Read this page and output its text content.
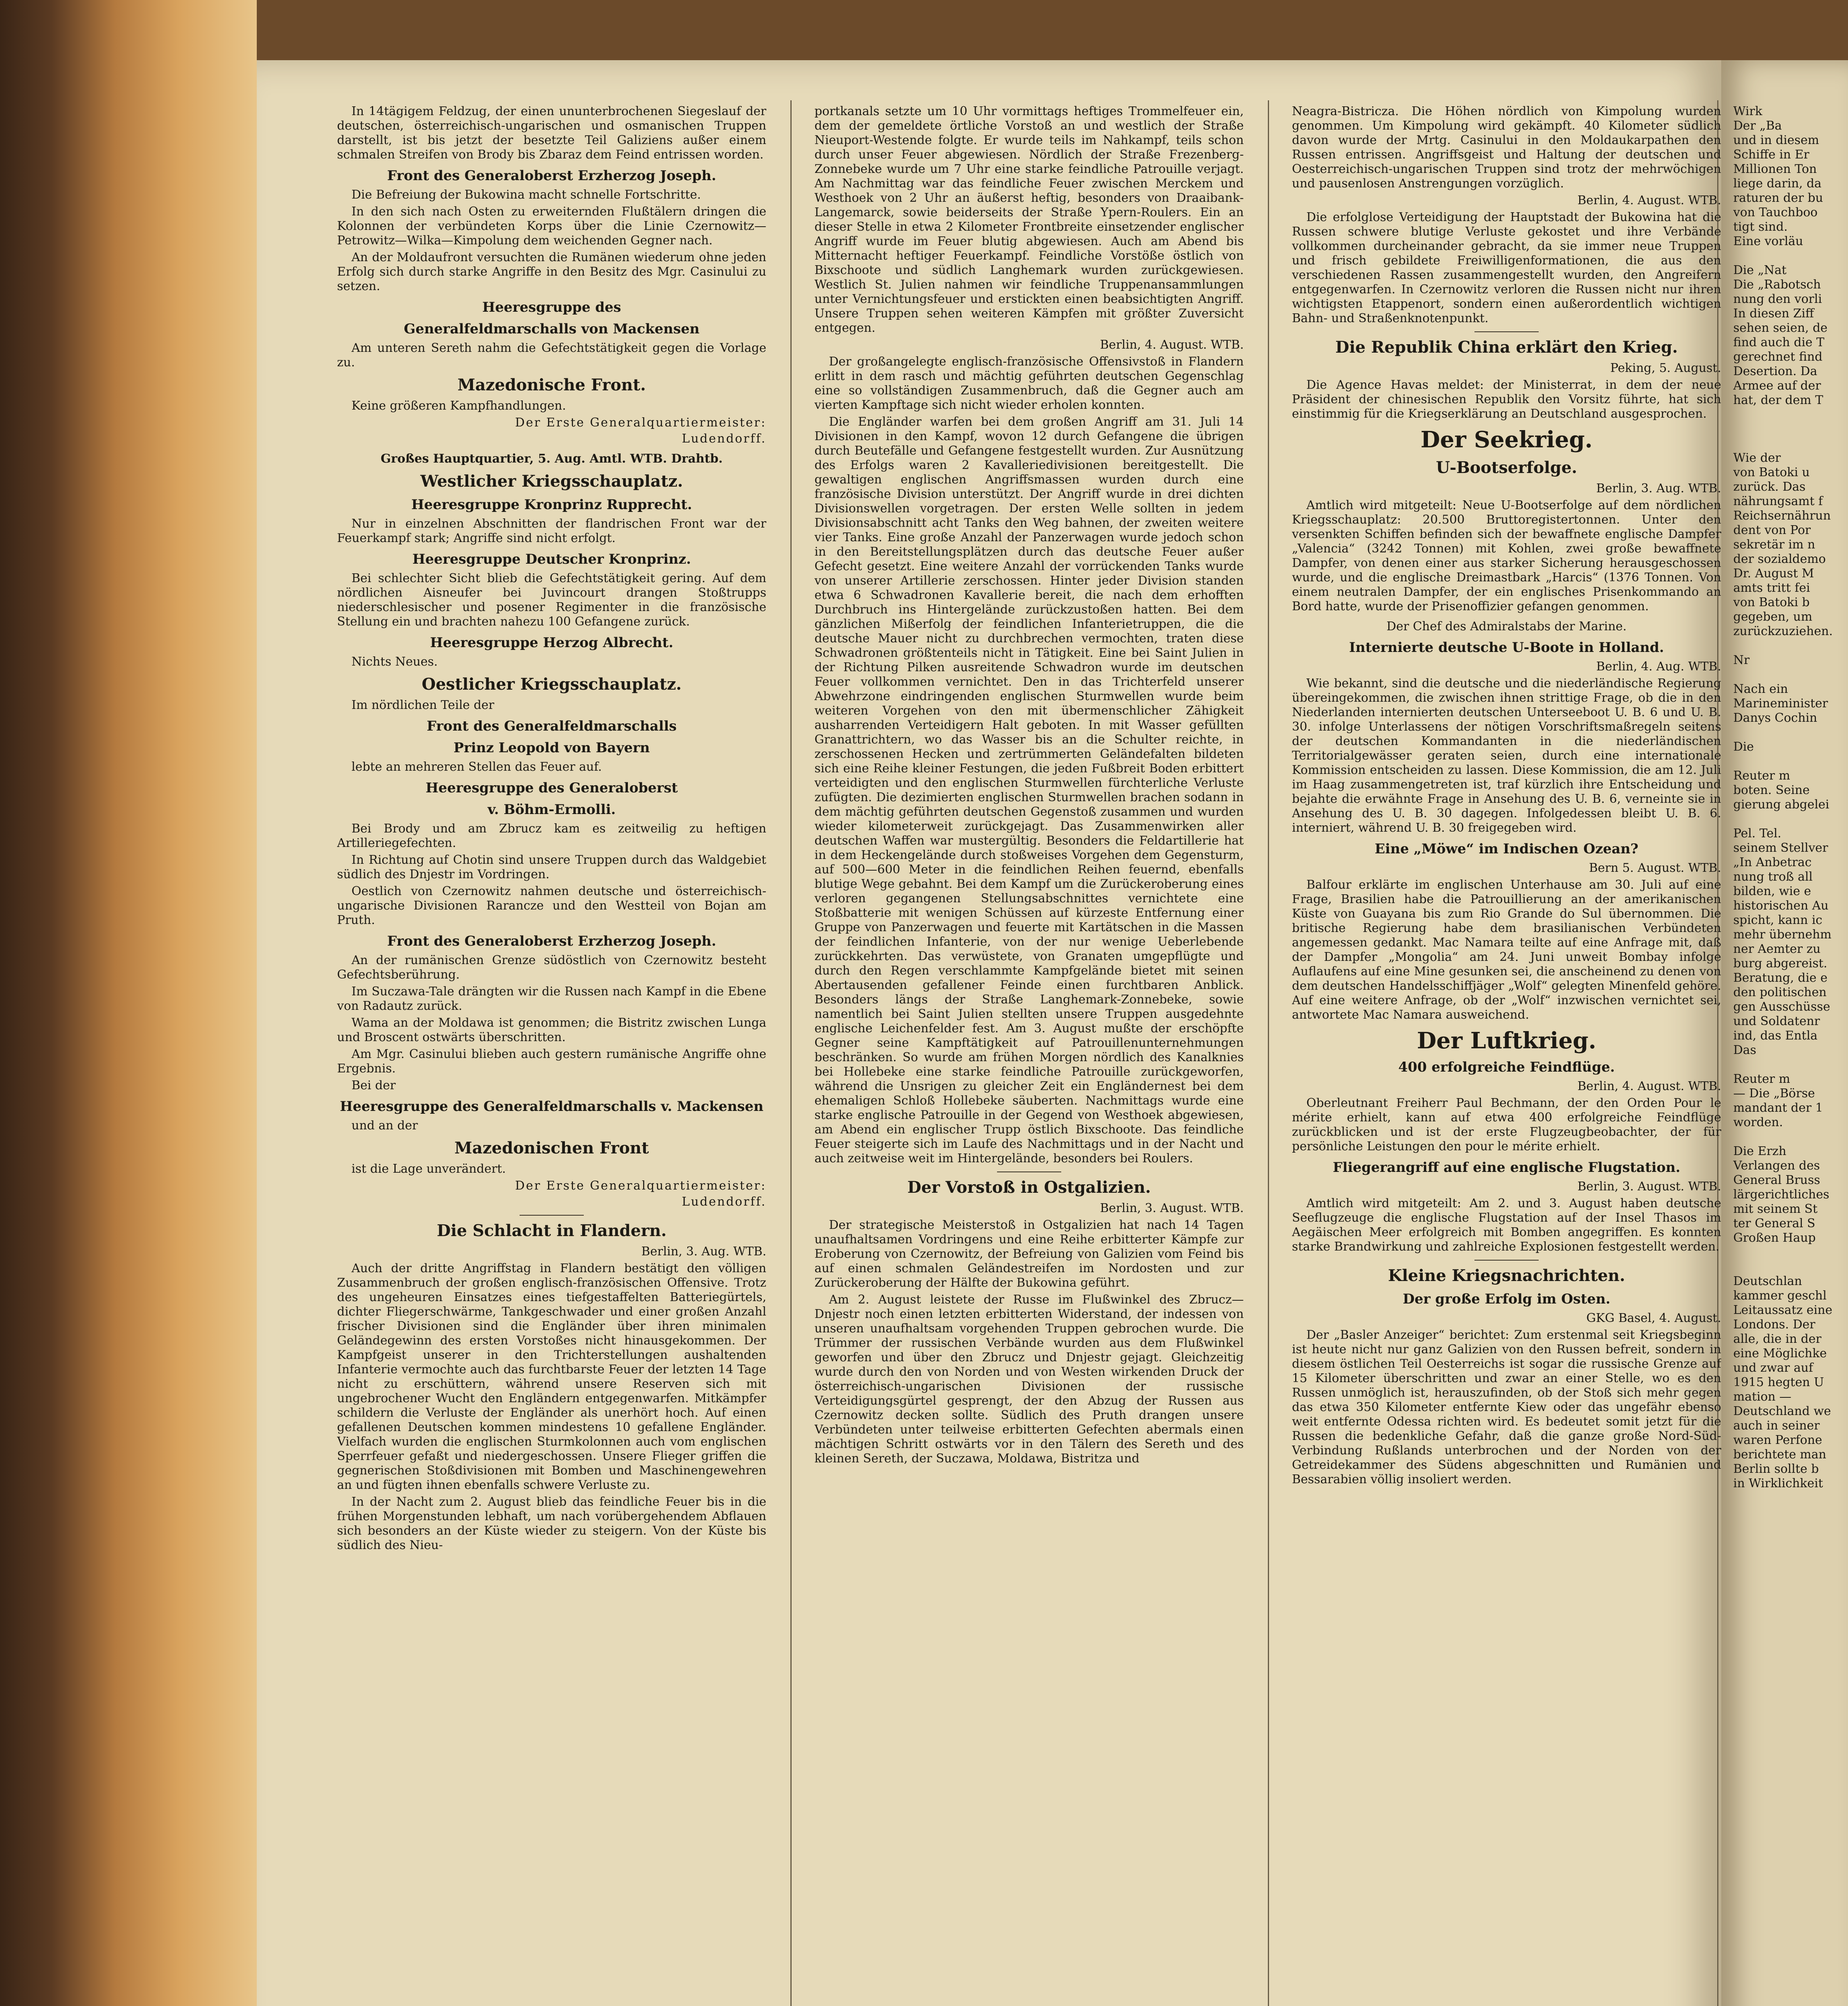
In 14tägigem Feldzug, der einen ununterbrochenen Siegeslauf der deutschen, österreichisch-ungarischen und osmanischen Truppen darstellt, ist bis jetzt der besetzte Teil Galiziens außer einem schmalen Streifen von Brody bis Zbaraz dem Feind entrissen worden.

Front des Generaloberst Erzherzog Joseph.

Die Befreiung der Bukowina macht schnelle Fortschritte.

In den sich nach Osten zu erweiternden Flußtälern dringen die Kolonnen der verbündeten Korps über die Linie Czernowitz—Petrowitz—Wilka—Kimpolung dem weichenden Gegner nach.

An der Moldaufront versuchten die Rumänen wiederum ohne jeden Erfolg sich durch starke Angriffe in den Besitz des Mgr. Casinului zu setzen.

Heeresgruppe des
Generalfeldmarschalls von Mackensen

Am unteren Sereth nahm die Gefechtstätigkeit gegen die Vorlage zu.

Mazedonische Front.

Keine größeren Kampfhandlungen.

Der Erste Generalquartiermeister:
Ludendorff.
Großes Hauptquartier, 5. Aug. Amtl. WTB. Drahtb.
Westlicher Kriegsschauplatz.
Heeresgruppe Kronprinz Rupprecht.

Nur in einzelnen Abschnitten der flandrischen Front war der Feuerkampf stark; Angriffe sind nicht erfolgt.

Heeresgruppe Deutscher Kronprinz.

Bei schlechter Sicht blieb die Gefechtstätigkeit gering. Auf dem nördlichen Aisneufer bei Juvincourt drangen Stoßtrupps niederschlesischer und posener Regimenter in die französische Stellung ein und brachten nahezu 100 Gefangene zurück.

Heeresgruppe Herzog Albrecht.

Nichts Neues.

Oestlicher Kriegsschauplatz.

Im nördlichen Teile der

Front des Generalfeldmarschalls
Prinz Leopold von Bayern

lebte an mehreren Stellen das Feuer auf.

Heeresgruppe des Generaloberst
v. Böhm-Ermolli.

Bei Brody und am Zbrucz kam es zeitweilig zu heftigen Artilleriegefechten.

In Richtung auf Chotin sind unsere Truppen durch das Waldgebiet südlich des Dnjestr im Vordringen.

Oestlich von Czernowitz nahmen deutsche und österreichisch-ungarische Divisionen Rarancze und den Westteil von Bojan am Pruth.

Front des Generaloberst Erzherzog Joseph.

An der rumänischen Grenze südöstlich von Czernowitz besteht Gefechtsberührung.

Im Suczawa-Tale drängten wir die Russen nach Kampf in die Ebene von Radautz zurück.

Wama an der Moldawa ist genommen; die Bistritz zwischen Lunga und Broscent ostwärts überschritten.

Am Mgr. Casinului blieben auch gestern rumänische Angriffe ohne Ergebnis.

Bei der

Heeresgruppe des Generalfeldmarschalls v. Mackensen

und an der

Mazedonischen Front

ist die Lage unverändert.

Der Erste Generalquartiermeister:
Ludendorff.
Die Schlacht in Flandern.
Berlin, 3. Aug. WTB.

Auch der dritte Angriffstag in Flandern bestätigt den völligen Zusammenbruch der großen englisch-französischen Offensive. Trotz des ungeheuren Einsatzes eines tiefgestaffelten Batteriegürtels, dichter Fliegerschwärme, Tankgeschwader und einer großen Anzahl frischer Divisionen sind die Engländer über ihren minimalen Geländegewinn des ersten Vorstoßes nicht hinausgekommen. Der Kampfgeist unserer in den Trichterstellungen aushaltenden Infanterie vermochte auch das furchtbarste Feuer der letzten 14 Tage nicht zu erschüttern, während unsere Reserven sich mit ungebrochener Wucht den Engländern entgegenwarfen. Mitkämpfer schildern die Verluste der Engländer als unerhört hoch. Auf einen gefallenen Deutschen kommen mindestens 10 gefallene Engländer. Vielfach wurden die englischen Sturmkolonnen auch vom englischen Sperrfeuer gefaßt und niedergeschossen. Unsere Flieger griffen die gegnerischen Stoßdivisionen mit Bomben und Maschinengewehren an und fügten ihnen ebenfalls schwere Verluste zu.

In der Nacht zum 2. August blieb das feindliche Feuer bis in die frühen Morgenstunden lebhaft, um nach vorübergehendem Abflauen sich besonders an der Küste wieder zu steigern. Von der Küste bis südlich des Nieu-

portkanals setzte um 10 Uhr vormittags heftiges Trommelfeuer ein, dem der gemeldete örtliche Vorstoß an und westlich der Straße Nieuport-Westende folgte. Er wurde teils im Nahkampf, teils schon durch unser Feuer abgewiesen. Nördlich der Straße Frezenberg-Zonnebeke wurde um 7 Uhr eine starke feindliche Patrouille verjagt. Am Nachmittag war das feindliche Feuer zwischen Merckem und Westhoek von 2 Uhr an äußerst heftig, besonders von Draaibank-Langemarck, sowie beiderseits der Straße Ypern-Roulers. Ein an dieser Stelle in etwa 2 Kilometer Frontbreite einsetzender englischer Angriff wurde im Feuer blutig abgewiesen. Auch am Abend bis Mitternacht heftiger Feuerkampf. Feindliche Vorstöße östlich von Bixschoote und südlich Langhemark wurden zurückgewiesen. Westlich St. Julien nahmen wir feindliche Truppenansammlungen unter Vernichtungsfeuer und erstickten einen beabsichtigten Angriff. Unsere Truppen sehen weiteren Kämpfen mit größter Zuversicht entgegen.

Berlin, 4. August. WTB.

Der großangelegte englisch-französische Offensivstoß in Flandern erlitt in dem rasch und mächtig geführten deutschen Gegenschlag eine so vollständigen Zusammenbruch, daß die Gegner auch am vierten Kampftage sich nicht wieder erholen konnten.

Die Engländer warfen bei dem großen Angriff am 31. Juli 14 Divisionen in den Kampf, wovon 12 durch Gefangene die übrigen durch Beutefälle und Gefangene festgestellt wurden. Zur Ausnützung des Erfolgs waren 2 Kavalleriedivisionen bereitgestellt. Die gewaltigen englischen Angriffsmassen wurden durch eine französische Division unterstützt. Der Angriff wurde in drei dichten Divisionswellen vorgetragen. Der ersten Welle sollten in jedem Divisionsabschnitt acht Tanks den Weg bahnen, der zweiten weitere vier Tanks. Eine große Anzahl der Panzerwagen wurde jedoch schon in den Bereitstellungsplätzen durch das deutsche Feuer außer Gefecht gesetzt. Eine weitere Anzahl der vorrückenden Tanks wurde von unserer Artillerie zerschossen. Hinter jeder Division standen etwa 6 Schwadronen Kavallerie bereit, die nach dem erhofften Durchbruch ins Hintergelände zurückzustoßen hatten. Bei dem gänzlichen Mißerfolg der feindlichen Infanterietruppen, die die deutsche Mauer nicht zu durchbrechen vermochten, traten diese Schwadronen größtenteils nicht in Tätigkeit. Eine bei Saint Julien in der Richtung Pilken ausreitende Schwadron wurde im deutschen Feuer vollkommen vernichtet. Den in das Trichterfeld unserer Abwehrzone eindringenden englischen Sturmwellen wurde beim weiteren Vorgehen von den mit übermenschlicher Zähigkeit ausharrenden Verteidigern Halt geboten. In mit Wasser gefüllten Granattrichtern, wo das Wasser bis an die Schulter reichte, in zerschossenen Hecken und zertrümmerten Geländefalten bildeten sich eine Reihe kleiner Festungen, die jeden Fußbreit Boden erbittert verteidigten und den englischen Sturmwellen fürchterliche Verluste zufügten. Die dezimierten englischen Sturmwellen brachen sodann in dem mächtig geführten deutschen Gegenstoß zusammen und wurden wieder kilometerweit zurückgejagt. Das Zusammenwirken aller deutschen Waffen war mustergültig. Besonders die Feldartillerie hat in dem Heckengelände durch stoßweises Vorgehen dem Gegensturm, auf 500—600 Meter in die feindlichen Reihen feuernd, ebenfalls blutige Wege gebahnt. Bei dem Kampf um die Zurückeroberung eines verloren gegangenen Stellungsabschnittes vernichtete eine Stoßbatterie mit wenigen Schüssen auf kürzeste Entfernung einer Gruppe von Panzerwagen und feuerte mit Kartätschen in die Massen der feindlichen Infanterie, von der nur wenige Ueberlebende zurückkehrten. Das verwüstete, von Granaten umgepflügte und durch den Regen verschlammte Kampfgelände bietet mit seinen Abertausenden gefallener Feinde einen furchtbaren Anblick. Besonders längs der Straße Langhemark-Zonnebeke, sowie namentlich bei Saint Julien stellten unsere Truppen ausgedehnte englische Leichenfelder fest. Am 3. August mußte der erschöpfte Gegner seine Kampftätigkeit auf Patrouillenunternehmungen beschränken. So wurde am frühen Morgen nördlich des Kanalknies bei Hollebeke eine starke feindliche Patrouille zurückgeworfen, während die Unsrigen zu gleicher Zeit ein Engländernest bei dem ehemaligen Schloß Hollebeke säuberten. Nachmittags wurde eine starke englische Patrouille in der Gegend von Westhoek abgewiesen, am Abend ein englischer Trupp östlich Bixschoote. Das feindliche Feuer steigerte sich im Laufe des Nachmittags und in der Nacht und auch zeitweise weit im Hintergelände, besonders bei Roulers.

Der Vorstoß in Ostgalizien.
Berlin, 3. August. WTB.

Der strategische Meisterstoß in Ostgalizien hat nach 14 Tagen unaufhaltsamen Vordringens und eine Reihe erbitterter Kämpfe zur Eroberung von Czernowitz, der Befreiung von Galizien vom Feind bis auf einen schmalen Geländestreifen im Nordosten und zur Zurückeroberung der Hälfte der Bukowina geführt.

Am 2. August leistete der Russe im Flußwinkel des Zbrucz—Dnjestr noch einen letzten erbitterten Widerstand, der indessen von unseren unaufhaltsam vorgehenden Truppen gebrochen wurde. Die Trümmer der russischen Verbände wurden aus dem Flußwinkel geworfen und über den Zbrucz und Dnjestr gejagt. Gleichzeitig wurde durch den von Norden und von Westen wirkenden Druck der österreichisch-ungarischen Divisionen der russische Verteidigungsgürtel gesprengt, der den Abzug der Russen aus Czernowitz decken sollte. Südlich des Pruth drangen unsere Verbündeten unter teilweise erbitterten Gefechten abermals einen mächtigen Schritt ostwärts vor in den Tälern des Sereth und des kleinen Sereth, der Suczawa, Moldawa, Bistritza und

Neagra-Bistricza. Die Höhen nördlich von Kimpolung wurden genommen. Um Kimpolung wird gekämpft. 40 Kilometer südlich davon wurde der Mrtg. Casinului in den Moldaukarpathen den Russen entrissen. Angriffsgeist und Haltung der deutschen und Oesterreichisch-ungarischen Truppen sind trotz der mehrwöchigen und pausenlosen Anstrengungen vorzüglich.

Berlin, 4. August. WTB.

Die erfolglose Verteidigung der Hauptstadt der Bukowina hat die Russen schwere blutige Verluste gekostet und ihre Verbände vollkommen durcheinander gebracht, da sie immer neue Truppen und frisch gebildete Freiwilligenformationen, die aus den verschiedenen Rassen zusammengestellt wurden, den Angreifern entgegenwarfen. In Czernowitz verloren die Russen nicht nur ihren wichtigsten Etappenort, sondern einen außerordentlich wichtigen Bahn- und Straßenknotenpunkt.

Die Republik China erklärt den Krieg.
Peking, 5. August.

Die Agence Havas meldet: der Ministerrat, in dem der neue Präsident der chinesischen Republik den Vorsitz führte, hat sich einstimmig für die Kriegserklärung an Deutschland ausgesprochen.

Der Seekrieg.
U-Bootserfolge.
Berlin, 3. Aug. WTB.

Amtlich wird mitgeteilt: Neue U-Bootserfolge auf dem nördlichen Kriegsschauplatz: 20.500 Bruttoregistertonnen. Unter den versenkten Schiffen befinden sich der bewaffnete englische Dampfer „Valencia“ (3242 Tonnen) mit Kohlen, zwei große bewaffnete Dampfer, von denen einer aus starker Sicherung herausgeschossen wurde, und die englische Dreimastbark „Harcis“ (1376 Tonnen. Von einem neutralen Dampfer, der ein englisches Prisenkommando an Bord hatte, wurde der Prisenoffizier gefangen genommen.

Der Chef des Admiralstabs der Marine.
Internierte deutsche U-Boote in Holland.
Berlin, 4. Aug. WTB.

Wie bekannt, sind die deutsche und die niederländische Regierung übereingekommen, die zwischen ihnen strittige Frage, ob die in den Niederlanden internierten deutschen Unterseeboot U. B. 6 und U. B. 30. infolge Unterlassens der nötigen Vorschriftsmaßregeln seitens der deutschen Kommandanten in die niederländischen Territorialgewässer geraten seien, durch eine internationale Kommission entscheiden zu lassen. Diese Kommission, die am 12. Juli im Haag zusammengetreten ist, traf kürzlich ihre Entscheidung und bejahte die erwähnte Frage in Ansehung des U. B. 6, verneinte sie in Ansehung des U. B. 30 dagegen. Infolgedessen bleibt U. B. 6. interniert, während U. B. 30 freigegeben wird.

Eine „Möwe“ im Indischen Ozean?
Bern 5. August. WTB.

Balfour erklärte im englischen Unterhause am 30. Juli auf eine Frage, Brasilien habe die Patrouillierung an der amerikanischen Küste von Guayana bis zum Rio Grande do Sul übernommen. Die britische Regierung habe dem brasilianischen Verbündeten angemessen gedankt. Mac Namara teilte auf eine Anfrage mit, daß der Dampfer „Mongolia“ am 24. Juni unweit Bombay infolge Auflaufens auf eine Mine gesunken sei, die anscheinend zu denen von dem deutschen Handelsschiffjäger „Wolf“ gelegten Minenfeld gehöre. Auf eine weitere Anfrage, ob der „Wolf“ inzwischen vernichtet sei, antwortete Mac Namara ausweichend.

Der Luftkrieg.
400 erfolgreiche Feindflüge.
Berlin, 4. August. WTB.

Oberleutnant Freiherr Paul Bechmann, der den Orden Pour le mérite erhielt, kann auf etwa 400 erfolgreiche Feindflüge zurückblicken und ist der erste Flugzeugbeobachter, der für persönliche Leistungen den pour le mérite erhielt.

Fliegerangriff auf eine englische Flugstation.
Berlin, 3. August. WTB.

Amtlich wird mitgeteilt: Am 2. und 3. August haben deutsche Seeflugzeuge die englische Flugstation auf der Insel Thasos im Aegäischen Meer erfolgreich mit Bomben angegriffen. Es konnten starke Brandwirkung und zahlreiche Explosionen festgestellt werden.

Kleine Kriegsnachrichten.
Der große Erfolg im Osten.
GKG Basel, 4. August.

Der „Basler Anzeiger“ berichtet: Zum erstenmal seit Kriegsbeginn ist heute nicht nur ganz Galizien von den Russen befreit, sondern in diesem östlichen Teil Oesterreichs ist sogar die russische Grenze auf 15 Kilometer überschritten und zwar an einer Stelle, wo es den Russen unmöglich ist, herauszufinden, ob der Stoß sich mehr gegen das etwa 350 Kilometer entfernte Kiew oder das ungefähr ebenso weit entfernte Odessa richten wird. Es bedeutet somit jetzt für die Russen die bedenkliche Gefahr, daß die ganze große Nord-Süd-Verbindung Rußlands unterbrochen und der Norden von der Getreidekammer des Südens abgeschnitten und Rumänien und Bessarabien völlig insoliert werden.

Wirk
Der „Ba
und in diesem
Schiffe in Er
Millionen Ton
liege darin, da
raturen der bu
von Tauchboo
tigt sind.
Eine vorläu

Die „Nat
Die „Rabotsch
nung den vorli
In diesen Ziff
sehen seien, de
find auch die T
gerechnet find
Desertion. Da
Armee auf der
hat, der dem T

Wie der
von Batoki u
zurück. Das
nährungsamt f
Reichsernährun
dent von Por
sekretär im n
der sozialdemo
Dr. August M
amts tritt fei
von Batoki b
gegeben, um
zurückzuziehen.

Nr

Nach ein
Marineminister
Danys Cochin

Die

Reuter m
boten. Seine
gierung abgelei

Pel. Tel.
seinem Stellver
„In Anbetrac
nung troß all
bilden, wie e
historischen Au
spicht, kann ic
mehr übernehm
ner Aemter zu
burg abgereist.
Beratung, die e
den politischen
gen Ausschüsse
und Soldatenr
ind, das Entla
Das

Reuter m
— Die „Börse
mandant der 1
worden.

Die Erzh
Verlangen des
General Bruss
lärgerichtliches
mit seinem St
ter General S
Großen Haup

Deutschlan
kammer geschl
Leitaussatz eine
Londons. Der
alle, die in der
eine Möglichke
und zwar auf
1915 hegten U
mation —
Deutschland we
auch in seiner
waren Perfone
berichtete man
Berlin sollte b
in Wirklichkeit
